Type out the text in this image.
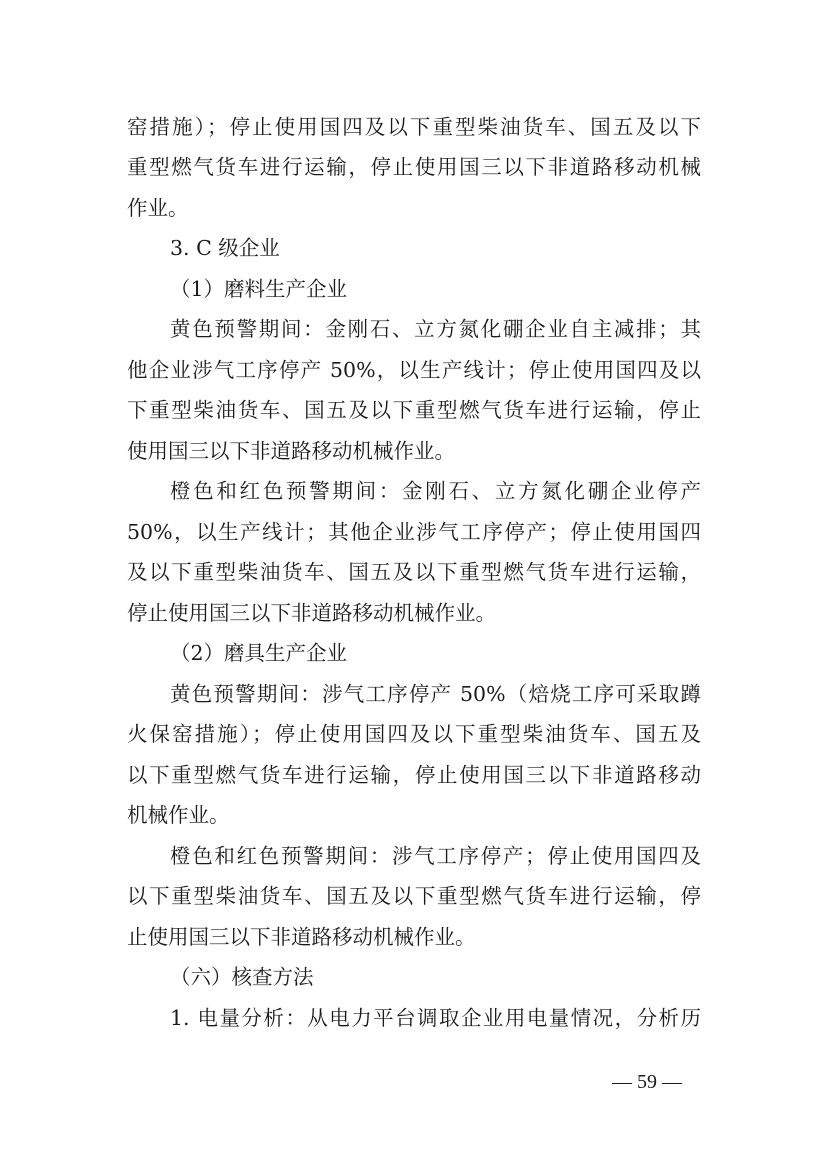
窑措施）；停止使用国四及以下重型柴油货车、国五及以下
重型燃气货车进行运输，停止使用国三以下非道路移动机械
作业。
3. C 级企业
（1）磨料生产企业
黄色预警期间：金刚石、立方氮化硼企业自主减排；其
他企业涉气工序停产 50%，以生产线计；停止使用国四及以
下重型柴油货车、国五及以下重型燃气货车进行运输，停止
使用国三以下非道路移动机械作业。
橙色和红色预警期间：金刚石、立方氮化硼企业停产
50%，以生产线计；其他企业涉气工序停产；停止使用国四
及以下重型柴油货车、国五及以下重型燃气货车进行运输，
停止使用国三以下非道路移动机械作业。
（2）磨具生产企业
黄色预警期间：涉气工序停产 50%（焙烧工序可采取蹲
火保窑措施）；停止使用国四及以下重型柴油货车、国五及
以下重型燃气货车进行运输，停止使用国三以下非道路移动
机械作业。
橙色和红色预警期间：涉气工序停产；停止使用国四及
以下重型柴油货车、国五及以下重型燃气货车进行运输，停
止使用国三以下非道路移动机械作业。
（六）核查方法
1. 电量分析：从电力平台调取企业用电量情况，分析历
— 59 —
